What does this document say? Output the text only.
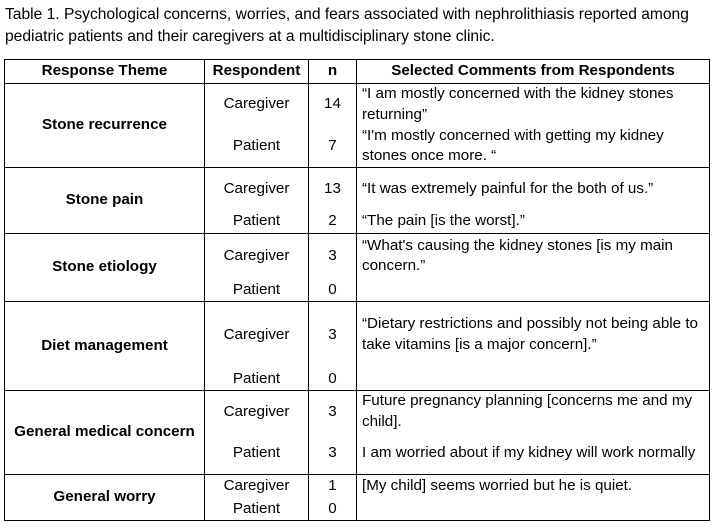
Table 1. Psychological concerns, worries, and fears associated with nephrolithiasis reported among
pediatric patients and their caregivers at a multidisciplinary stone clinic.
Response Theme	Respondent	n	Selected Comments from Respondents
Stone recurrence	Caregiver	14	“I am mostly concerned with the kidney stones returning”
	Patient	7	“I'm mostly concerned with getting my kidney stones once more. “
Stone pain	Caregiver	13	“It was extremely painful for the both of us.”
	Patient	2	“The pain [is the worst].”
Stone etiology	Caregiver	3	“What's causing the kidney stones [is my main concern.”
	Patient	0	
Diet management	Caregiver	3	“Dietary restrictions and possibly not being able to take vitamins [is a major concern].”
	Patient	0	
General medical concern	Caregiver	3	Future pregnancy planning [concerns me and my child].
	Patient	3	I am worried about if my kidney will work normally
General worry	Caregiver	1	[My child] seems worried but he is quiet.
	Patient	0	
